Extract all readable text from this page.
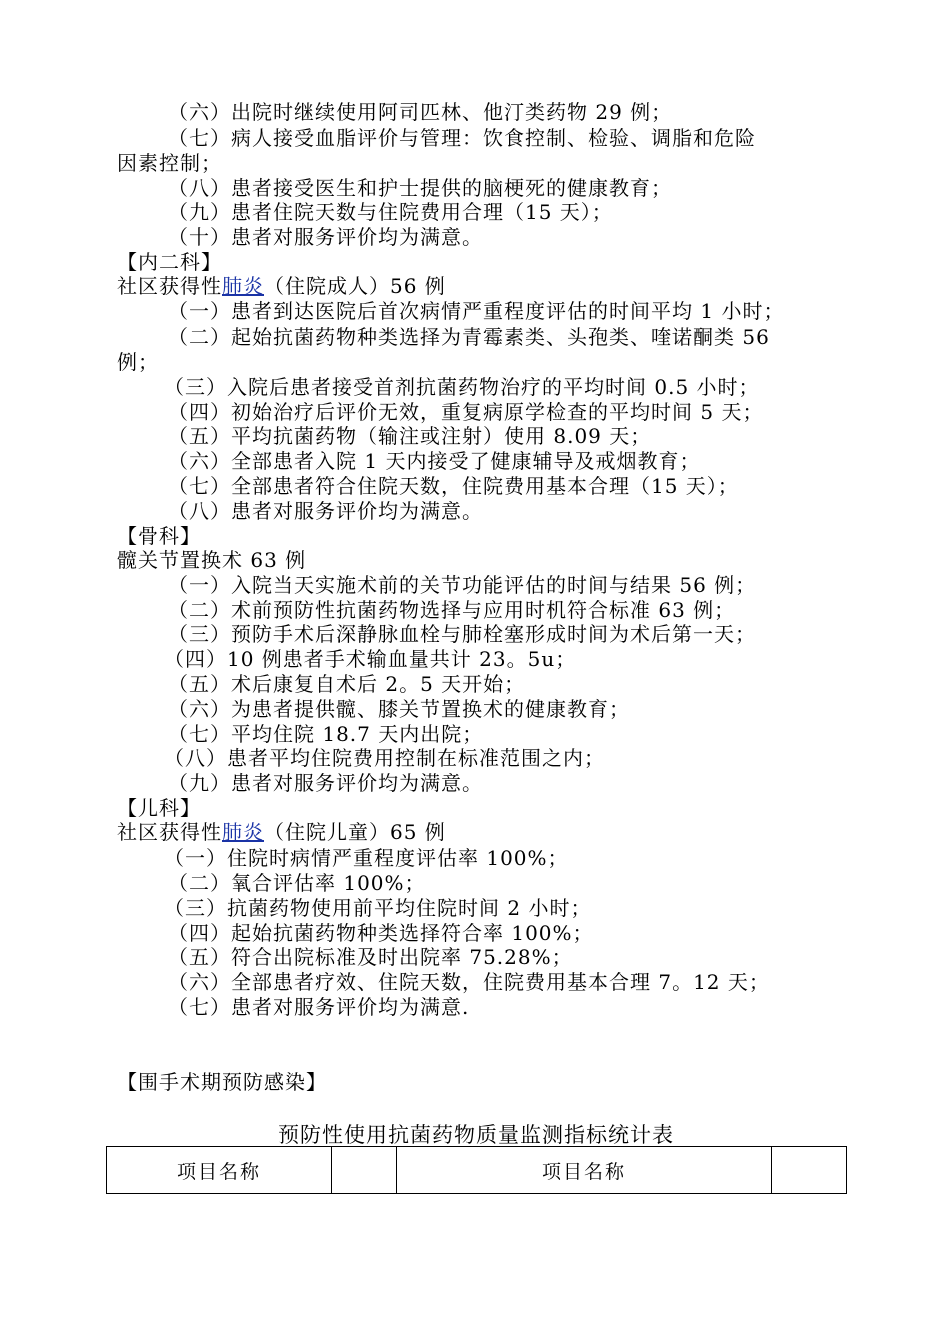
（六）出院时继续使用阿司匹林、他汀类药物 29 例；
（七）病人接受血脂评价与管理：饮食控制、检验、调脂和危险
因素控制；
（八）患者接受医生和护士提供的脑梗死的健康教育；
（九）患者住院天数与住院费用合理（15 天）；
（十）患者对服务评价均为满意。
【内二科】
社区获得性肺炎（住院成人）56 例
（一）患者到达医院后首次病情严重程度评估的时间平均 1 小时；
（二）起始抗菌药物种类选择为青霉素类、头孢类、喹诺酮类 56
例；
（三）入院后患者接受首剂抗菌药物治疗的平均时间 0.5 小时；
（四）初始治疗后评价无效，重复病原学检查的平均时间 5 天；
（五）平均抗菌药物（输注或注射）使用 8.09 天；
（六）全部患者入院 1 天内接受了健康辅导及戒烟教育；
（七）全部患者符合住院天数，住院费用基本合理（15 天）；
（八）患者对服务评价均为满意。
【骨科】
髋关节置换术 63 例
（一）入院当天实施术前的关节功能评估的时间与结果 56 例；
（二）术前预防性抗菌药物选择与应用时机符合标准 63 例；
（三）预防手术后深静脉血栓与肺栓塞形成时间为术后第一天；
（四）10 例患者手术输血量共计 23。5u；
（五）术后康复自术后 2。5 天开始；
（六）为患者提供髋、膝关节置换术的健康教育；
（七）平均住院 18.7 天内出院；
（八）患者平均住院费用控制在标准范围之内；
（九）患者对服务评价均为满意。
【儿科】
社区获得性肺炎（住院儿童）65 例
（一）住院时病情严重程度评估率 100%；
（二）氧合评估率 100%；
（三）抗菌药物使用前平均住院时间 2 小时；
（四）起始抗菌药物种类选择符合率 100%；
（五）符合出院标准及时出院率 75.28%；
（六）全部患者疗效、住院天数，住院费用基本合理 7。12 天；
（七）患者对服务评价均为满意.
【围手术期预防感染】
预防性使用抗菌药物质量监测指标统计表
项目名称		项目名称	
